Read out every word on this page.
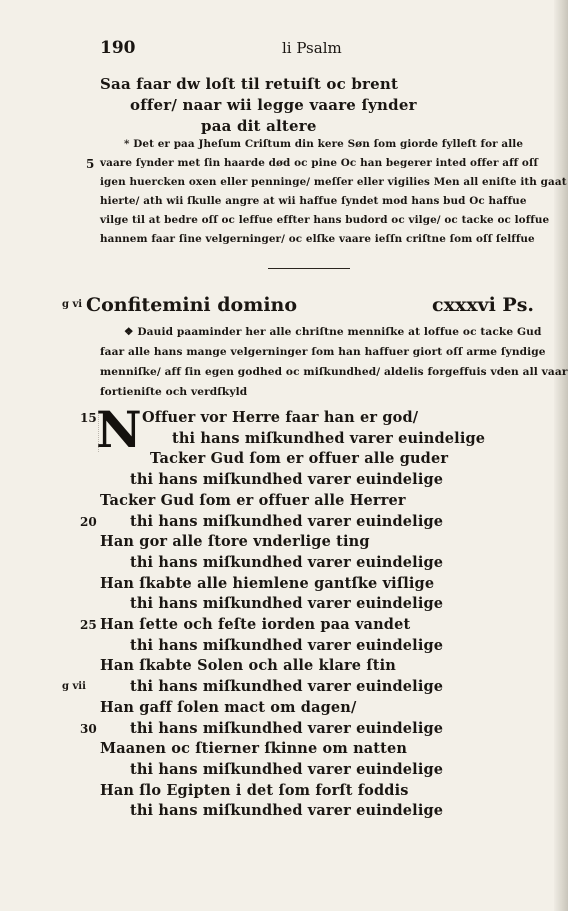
190	li Psalm
Saa faar dw loſt til retuiſt oc brent
offer/ naar wii legge vaare ſynder
paa dit altere
5
* Det er paa Jheſum Criſtum din kere Søn ſom giorde fylleſt for alle
vaare ſynder met ſin haarde død oc pine Oc han begerer inted offer aff oſſ
igen huercken oxen eller penninge/ meſſer eller vigilies Men all eniſte ith gaat
hierte/ ath wii ſkulle angre at wii haffue ſyndet mod hans bud Oc haffue
vilge til at bedre oſſ oc leffue effter hans budord oc vilge/ oc tacke oc loffue
hannem faar ſine velgerninger/ oc elſke vaare ieſſn criſtne ſom oſſ ſelffue
g vi Confitemini domino	cxxxvi Ps.
❖ Dauid paaminder her alle chriſtne menniſke at loffue oc tacke Gud
faar alle hans mange velgerninger ſom han haffuer giort oſſ arme ſyndige
menniſke/ aff ſin egen godhed oc miſkundhed/ aldelis forgeffuis vden all vaar
fortieniſte och verdſkyld
N Offuer vor Herre faar han er god/
15
thi hans miſkundhed varer euindelige
Tacker Gud ſom er offuer alle guder
thi hans miſkundhed varer euindelige
Tacker Gud ſom er offuer alle Herrer
thi hans miſkundhed varer euindelige
20
Han gor alle ſtore vnderlige ting
thi hans miſkundhed varer euindelige
Han ſkabte alle hiemlene gantſke viſlige
thi hans miſkundhed varer euindelige
Han ſette och feſte iorden paa vandet
25
thi hans miſkundhed varer euindelige
Han ſkabte Solen och alle klare ſtin
thi hans miſkundhed varer euindelige
g vii
Han gaff ſolen mact om dagen/
thi hans miſkundhed varer euindelige
30
Maanen oc ſtierner ſkinne om natten
thi hans miſkundhed varer euindelige
Han ſlo Egipten i det ſom forſt foddis
thi hans miſkundhed varer euindelige
